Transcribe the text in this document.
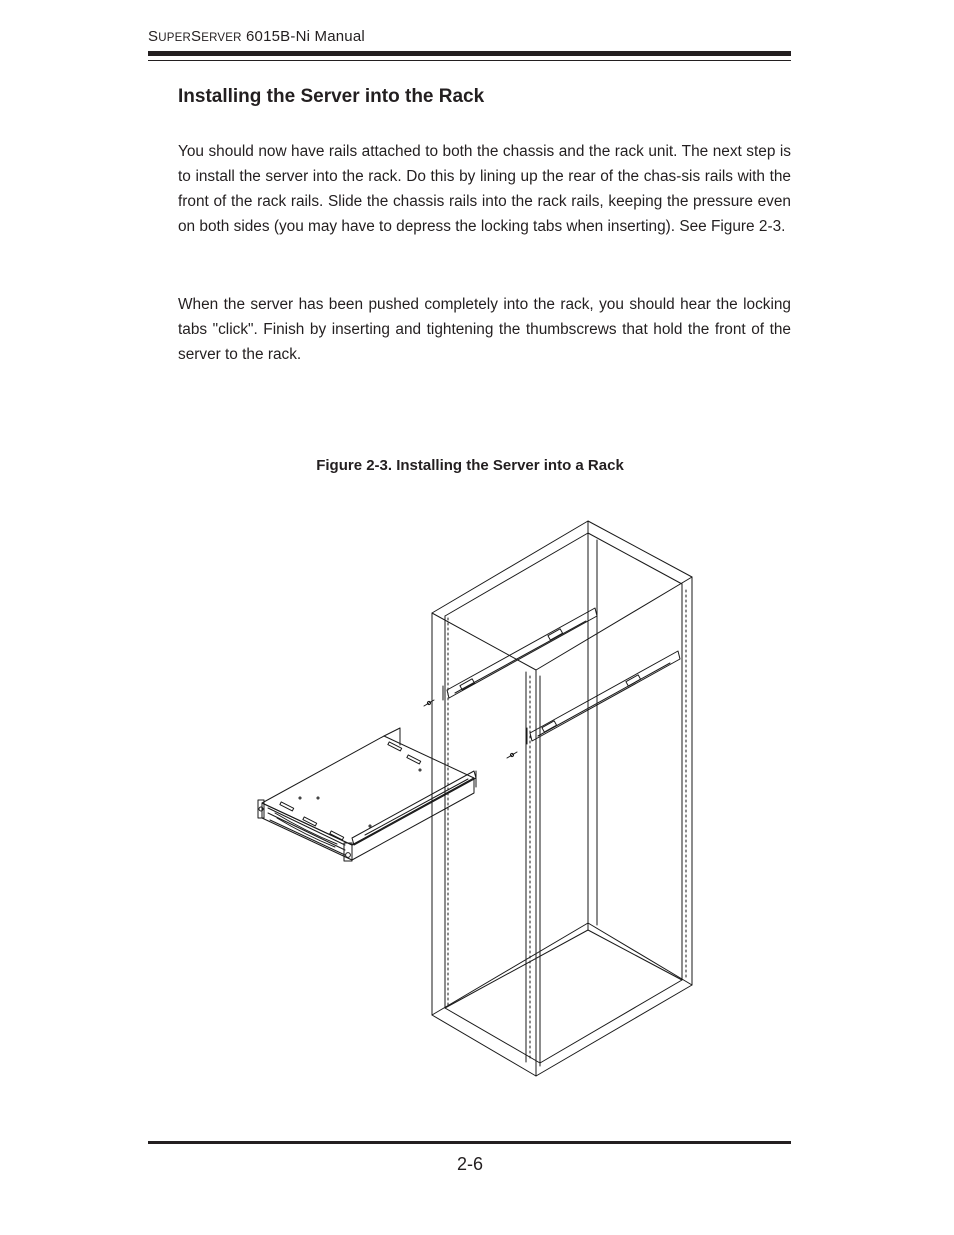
SUPERSERVER 6015B-Ni Manual
Installing the Server into the Rack

You should now have rails attached to both the chassis and the rack unit. The next step is to install the server into the rack. Do this by lining up the rear of the chas-sis rails with the front of the rack rails. Slide the chassis rails into the rack rails, keeping the pressure even on both sides (you may have to depress the locking tabs when inserting). See Figure 2-3.

When the server has been pushed completely into the rack, you should hear the locking tabs "click". Finish by inserting and tightening the thumbscrews that hold the front of the server to the rack.

Figure 2-3. Installing the Server into a Rack
2-6
